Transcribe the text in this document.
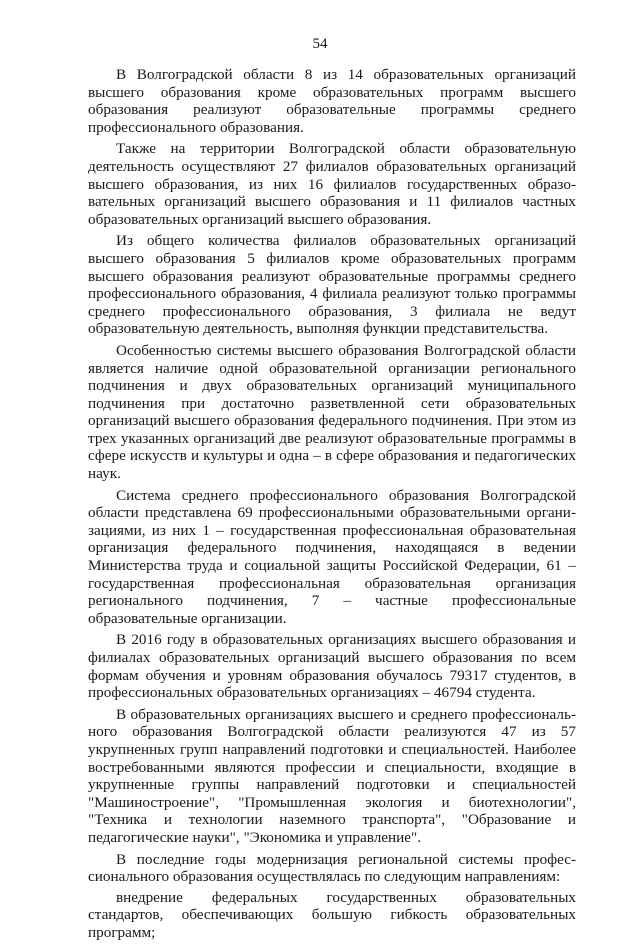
54

В Волгоградской области 8 из 14 образовательных организаций высшего образования кроме образовательных программ высшего образования реализуют образовательные программы среднего профессионального образования.

Также на территории Волгоградской области образовательную деятельность осуществляют 27 филиалов образовательных организаций высшего образования, из них 16 филиалов государственных образовательных организаций высшего образования и 11 филиалов частных образовательных организаций высшего образования.

Из общего количества филиалов образовательных организаций высшего образования 5 филиалов кроме образовательных программ высшего образования реализуют образовательные программы среднего профессионального образования, 4 филиала реализуют только программы среднего профессионального образования, 3 филиала не ведут образовательную деятельность, выполняя функции представительства.

Особенностью системы высшего образования Волгоградской области является наличие одной образовательной организации регионального подчинения и двух образовательных организаций муниципального подчинения при достаточно разветвленной сети образовательных организаций высшего образования федерального подчинения. При этом из трех указанных организаций две реализуют образовательные программы в сфере искусств и культуры и одна – в сфере образования и педагогических наук.

Система среднего профессионального образования Волгоградской области представлена 69 профессиональными образовательными организациями, из них 1 – государственная профессиональная образовательная организация федерального подчинения, находящаяся в ведении Министерства труда и социальной защиты Российской Федерации, 61 – государственная профессиональная образовательная организация регионального подчинения, 7 – частные профессиональные образовательные организации.

В 2016 году в образовательных организациях высшего образования и филиалах образовательных организаций высшего образования по всем формам обучения и уровням образования обучалось 79317 студентов, в профессиональных образовательных организациях – 46794 студента.

В образовательных организациях высшего и среднего профессионального образования Волгоградской области реализуются 47 из 57 укрупненных групп направлений подготовки и специальностей. Наиболее востребованными являются профессии и специальности, входящие в укрупненные группы направлений подготовки и специальностей "Машиностроение", "Промышленная экология и биотехнологии", "Техника и технологии наземного транспорта", "Образование и педагогические науки", "Экономика и управление".

В последние годы модернизация региональной системы профессионального образования осуществлялась по следующим направлениям:

внедрение федеральных государственных образовательных стандартов, обеспечивающих большую гибкость образовательных программ;
